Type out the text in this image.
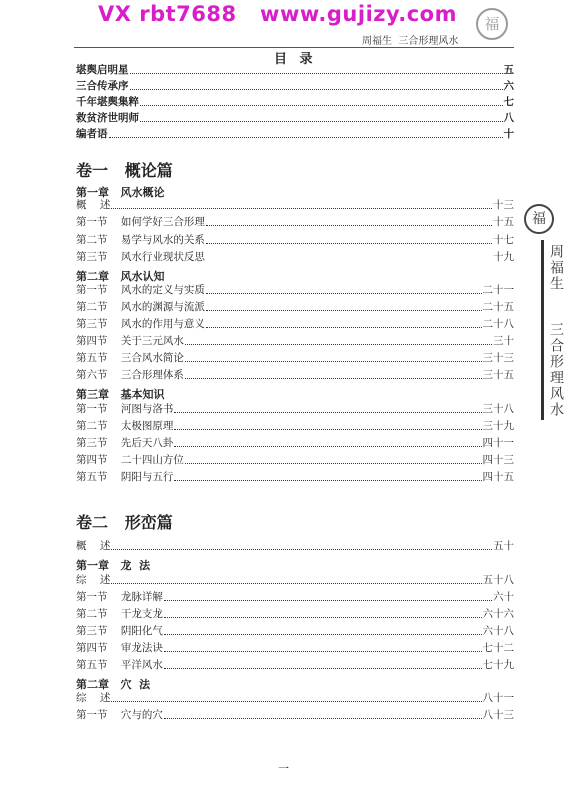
VX rbt7688   www.gujizy.com	福
周福生  三合形理风水
目 录
堪舆启明星	五
三合传承序	六
千年堪舆集粹	七
救贫济世明师	八
编者语	十
卷一   概论篇
第一章   风水概论
概    述	十三
第一节    如何学好三合形理	十五
第二节    易学与风水的关系	十七
第三节    风水行业现状反思	十九
第二章   风水认知
第一节    风水的定义与实质	二十一
第二节    风水的渊源与流派	二十五
第三节    风水的作用与意义	二十八
第四节    关于三元风水	三十
第五节    三合风水简论	三十三
第六节    三合形理体系	三十五
第三章   基本知识
第一节    河图与洛书	三十八
第二节    太极图原理	三十九
第三节    先后天八卦	四十一
第四节    二十四山方位	四十三
第五节    阴阳与五行	四十五
卷二   形峦篇
概    述	五十
第一章   龙  法
综    述	五十八
第一节    龙脉详解	六十
第二节    干龙支龙	六十六
第三节    阴阳化气	六十八
第四节    审龙法诀	七十二
第五节    平洋风水	七十九
第二章   穴  法
综    述	八十一
第一节    穴与的穴	八十三
福
周福生
三合形理风水
一
